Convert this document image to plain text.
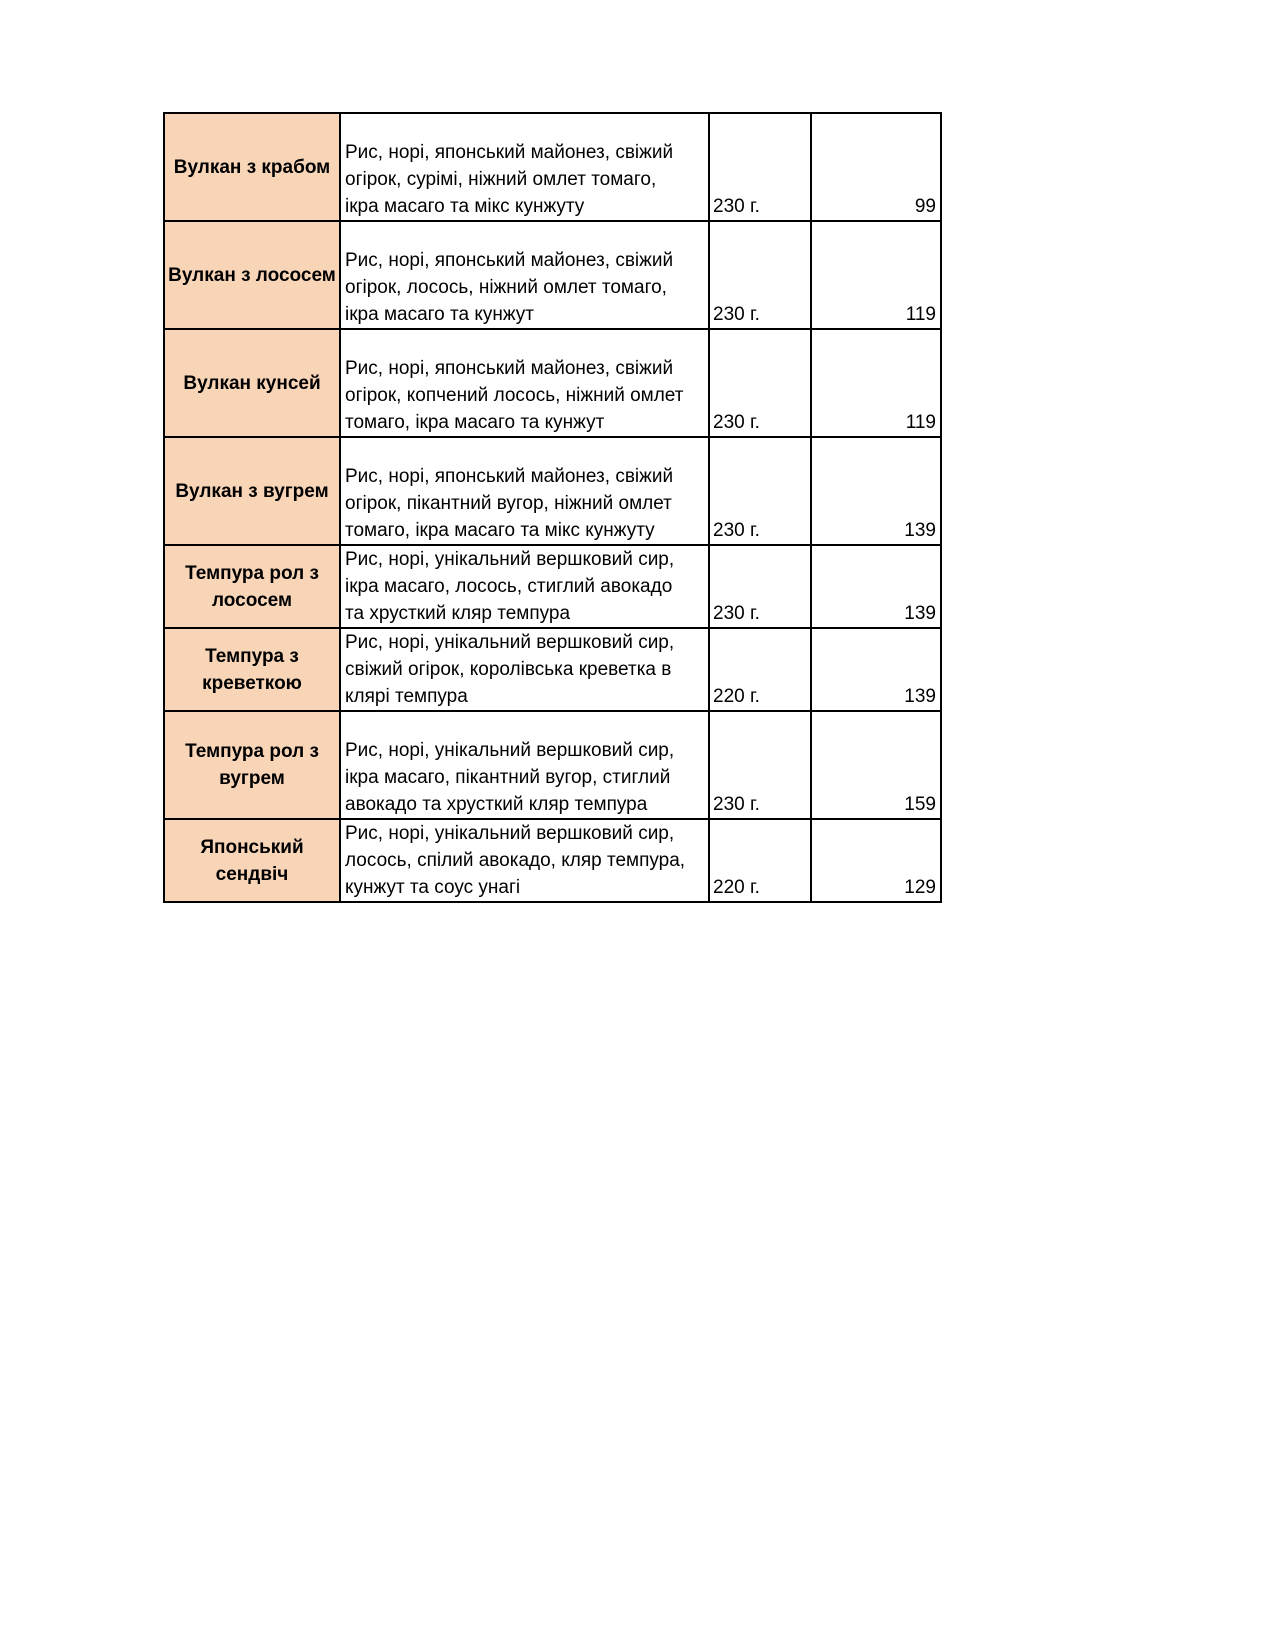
Вулкан з крабом	Рис, норі, японський майонез, свіжий
огірок, сурімі, ніжний омлет томаго,
ікра масаго та мікс кунжуту	230 г.	99
Вулкан з лососем	Рис, норі, японський майонез, свіжий
огірок, лосось, ніжний омлет томаго,
ікра масаго та кунжут	230 г.	119
Вулкан кунсей	Рис, норі, японський майонез, свіжий
огірок, копчений лосось, ніжний омлет
томаго, ікра масаго та кунжут	230 г.	119
Вулкан з вугрем	Рис, норі, японський майонез, свіжий
огірок, пікантний вугор, ніжний омлет
томаго, ікра масаго та мікс кунжуту	230 г.	139
Темпура рол з лососем	Рис, норі, унікальний вершковий сир,
ікра масаго, лосось, стиглий авокадо
та хрусткий кляр темпура	230 г.	139
Темпура з креветкою	Рис, норі, унікальний вершковий сир,
свіжий огірок, королівська креветка в
клярі темпура	220 г.	139
Темпура рол з вугрем	Рис, норі, унікальний вершковий сир,
ікра масаго, пікантний вугор, стиглий
авокадо та хрусткий кляр темпура	230 г.	159
Японський сендвіч	Рис, норі, унікальний вершковий сир,
лосось, спілий авокадо, кляр темпура,
кунжут та соус унагі	220 г.	129
